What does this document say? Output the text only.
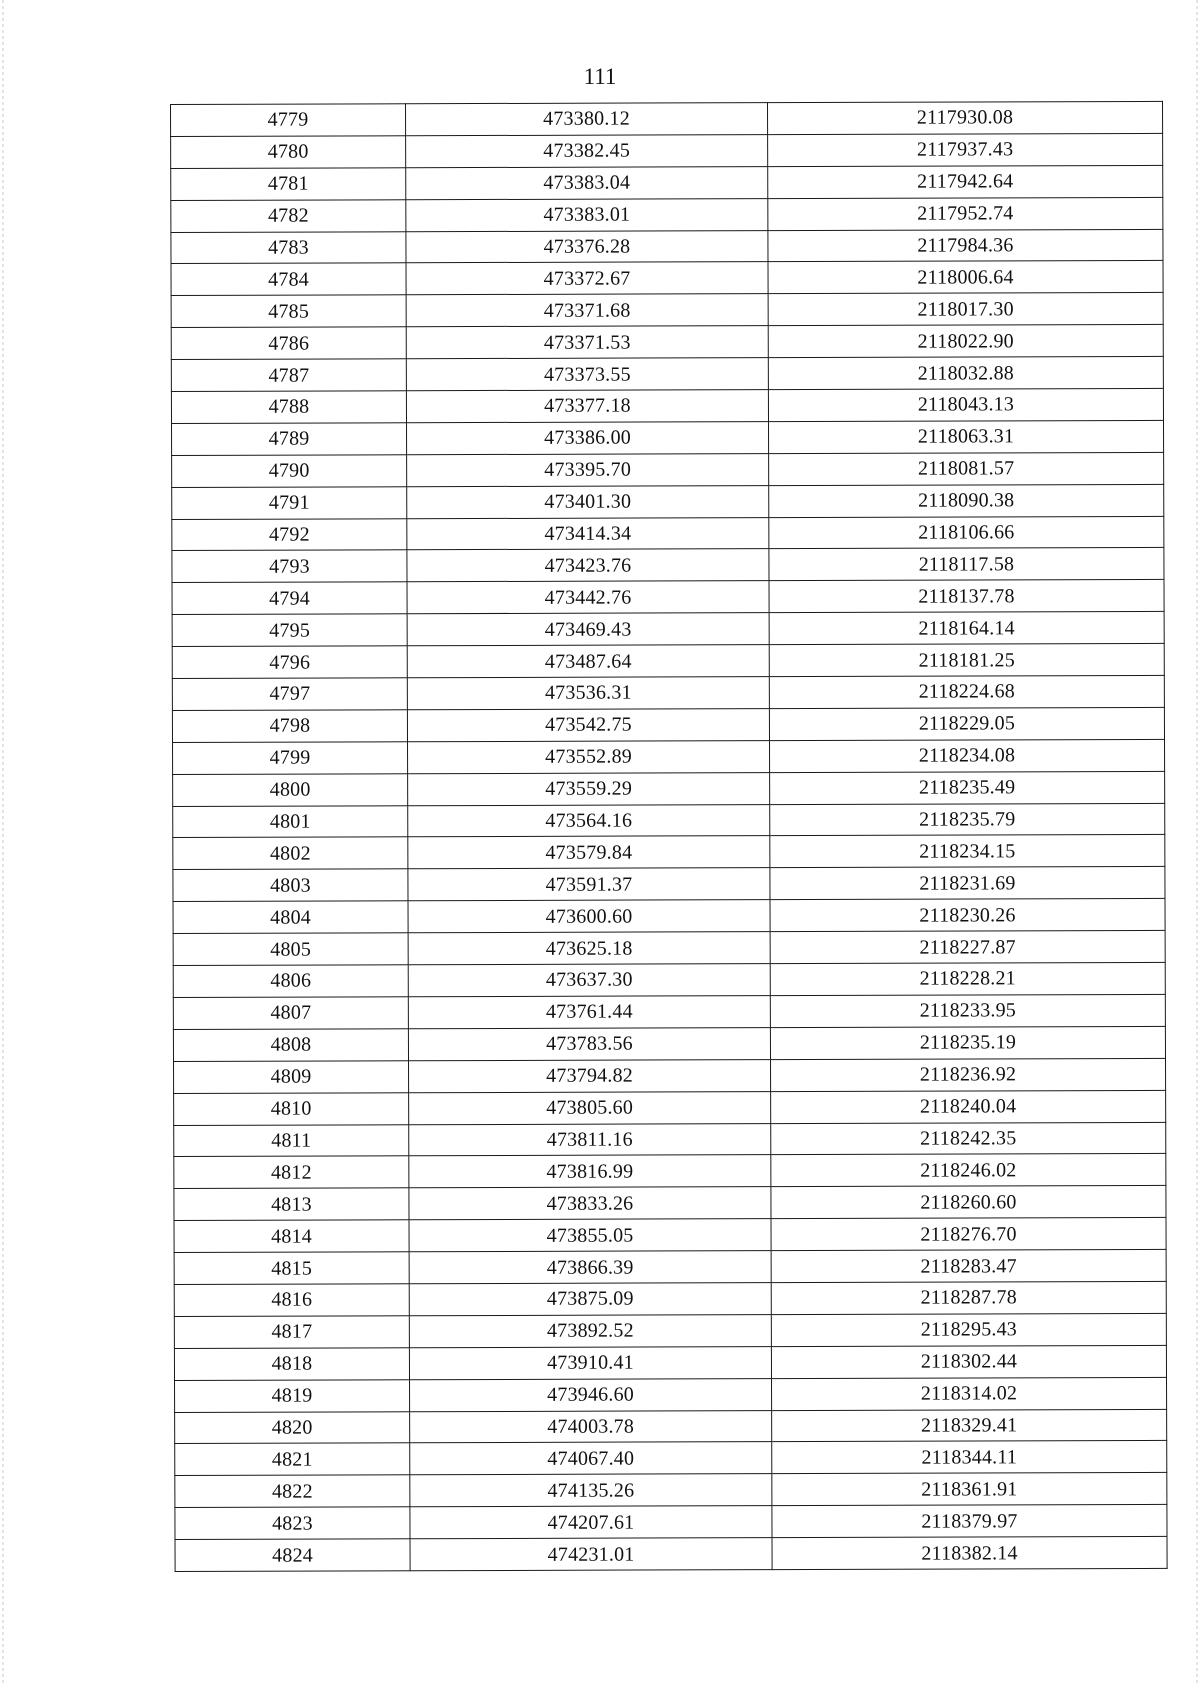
111
4779	473380.12	2117930.08
4780	473382.45	2117937.43
4781	473383.04	2117942.64
4782	473383.01	2117952.74
4783	473376.28	2117984.36
4784	473372.67	2118006.64
4785	473371.68	2118017.30
4786	473371.53	2118022.90
4787	473373.55	2118032.88
4788	473377.18	2118043.13
4789	473386.00	2118063.31
4790	473395.70	2118081.57
4791	473401.30	2118090.38
4792	473414.34	2118106.66
4793	473423.76	2118117.58
4794	473442.76	2118137.78
4795	473469.43	2118164.14
4796	473487.64	2118181.25
4797	473536.31	2118224.68
4798	473542.75	2118229.05
4799	473552.89	2118234.08
4800	473559.29	2118235.49
4801	473564.16	2118235.79
4802	473579.84	2118234.15
4803	473591.37	2118231.69
4804	473600.60	2118230.26
4805	473625.18	2118227.87
4806	473637.30	2118228.21
4807	473761.44	2118233.95
4808	473783.56	2118235.19
4809	473794.82	2118236.92
4810	473805.60	2118240.04
4811	473811.16	2118242.35
4812	473816.99	2118246.02
4813	473833.26	2118260.60
4814	473855.05	2118276.70
4815	473866.39	2118283.47
4816	473875.09	2118287.78
4817	473892.52	2118295.43
4818	473910.41	2118302.44
4819	473946.60	2118314.02
4820	474003.78	2118329.41
4821	474067.40	2118344.11
4822	474135.26	2118361.91
4823	474207.61	2118379.97
4824	474231.01	2118382.14
